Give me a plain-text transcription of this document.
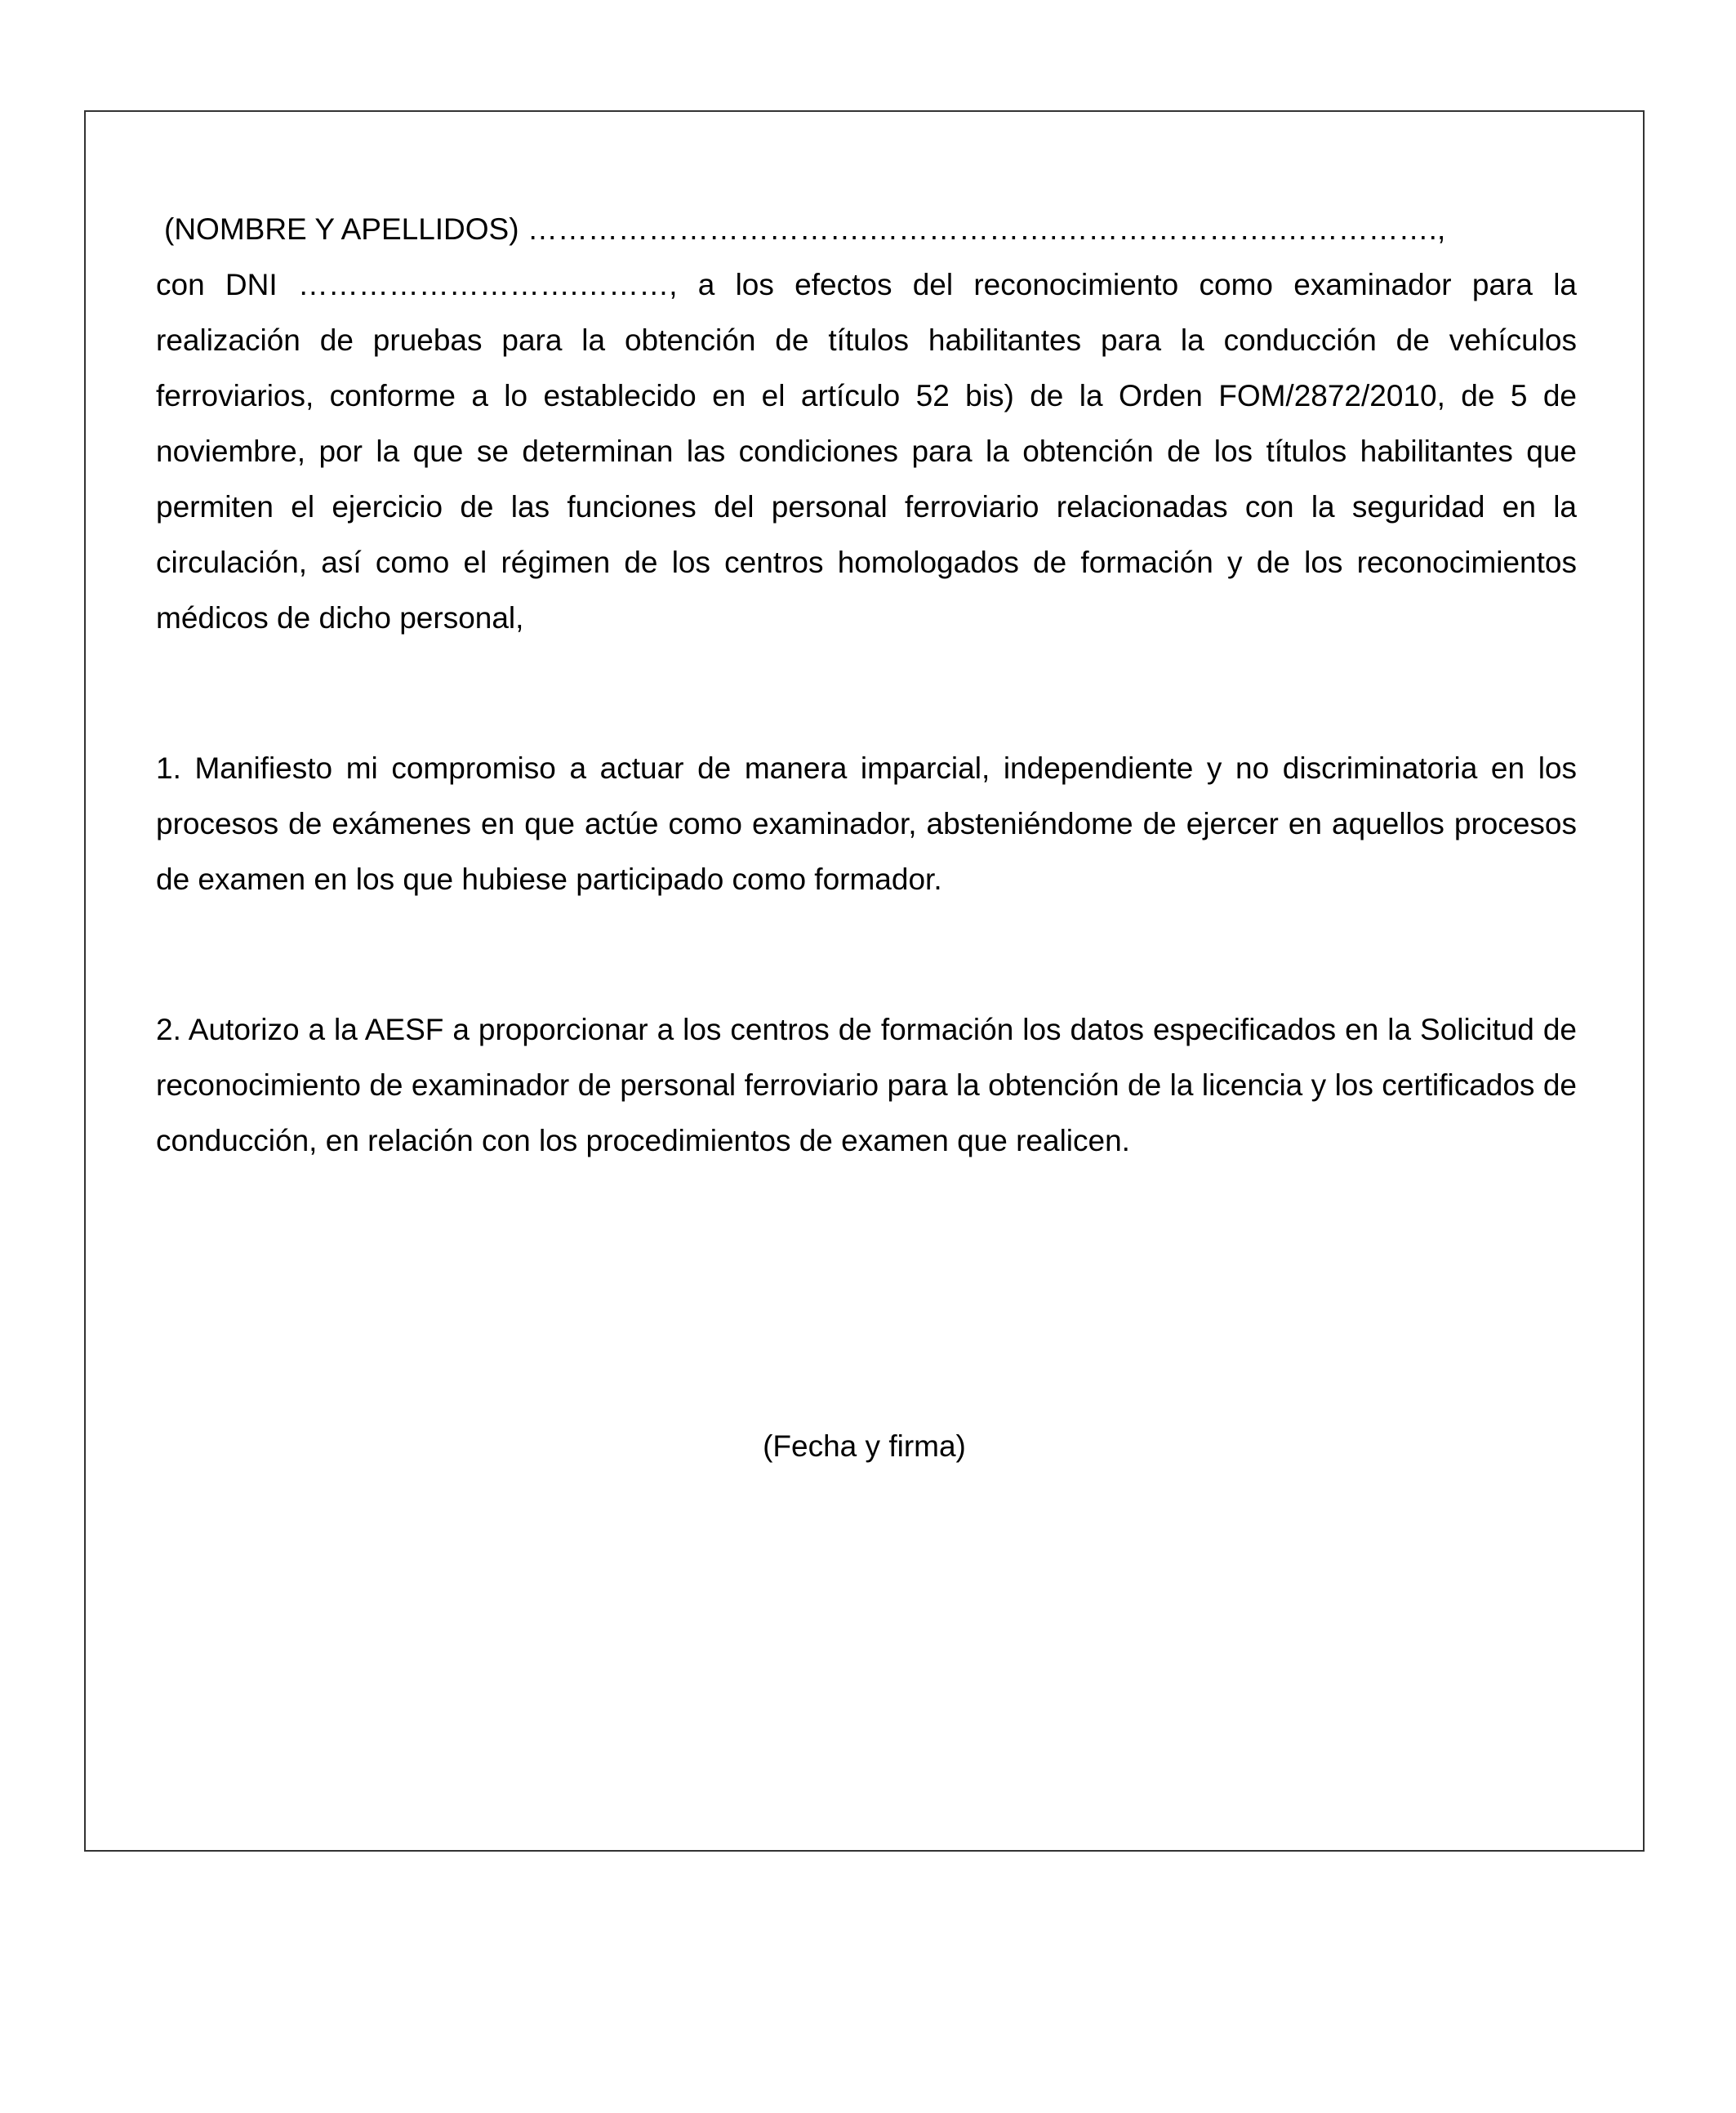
(NOMBRE Y APELLIDOS) …………………………….……………….………………….…………….,
con DNI ……………………….………, a los efectos del reconocimiento como examinador para la realización de pruebas para la obtención de títulos habilitantes para la conducción de vehículos ferroviarios, conforme a lo establecido en el artículo 52 bis) de la Orden FOM/2872/2010, de 5 de noviembre, por la que se determinan las condiciones para la obtención de los títulos habilitantes que permiten el ejercicio de las funciones del personal ferroviario relacionadas con la seguridad en la circulación, así como el régimen de los centros homologados de formación y de los reconocimientos médicos de dicho personal,
1. Manifiesto mi compromiso a actuar de manera imparcial, independiente y no discriminatoria en los procesos de exámenes en que actúe como examinador, absteniéndome de ejercer en aquellos procesos de examen en los que hubiese participado como formador.
2. Autorizo a la AESF a proporcionar a los centros de formación los datos especificados en la Solicitud de reconocimiento de examinador de personal ferroviario para la obtención de la licencia y los certificados de conducción, en relación con los procedimientos de examen que realicen.
(Fecha y firma)
